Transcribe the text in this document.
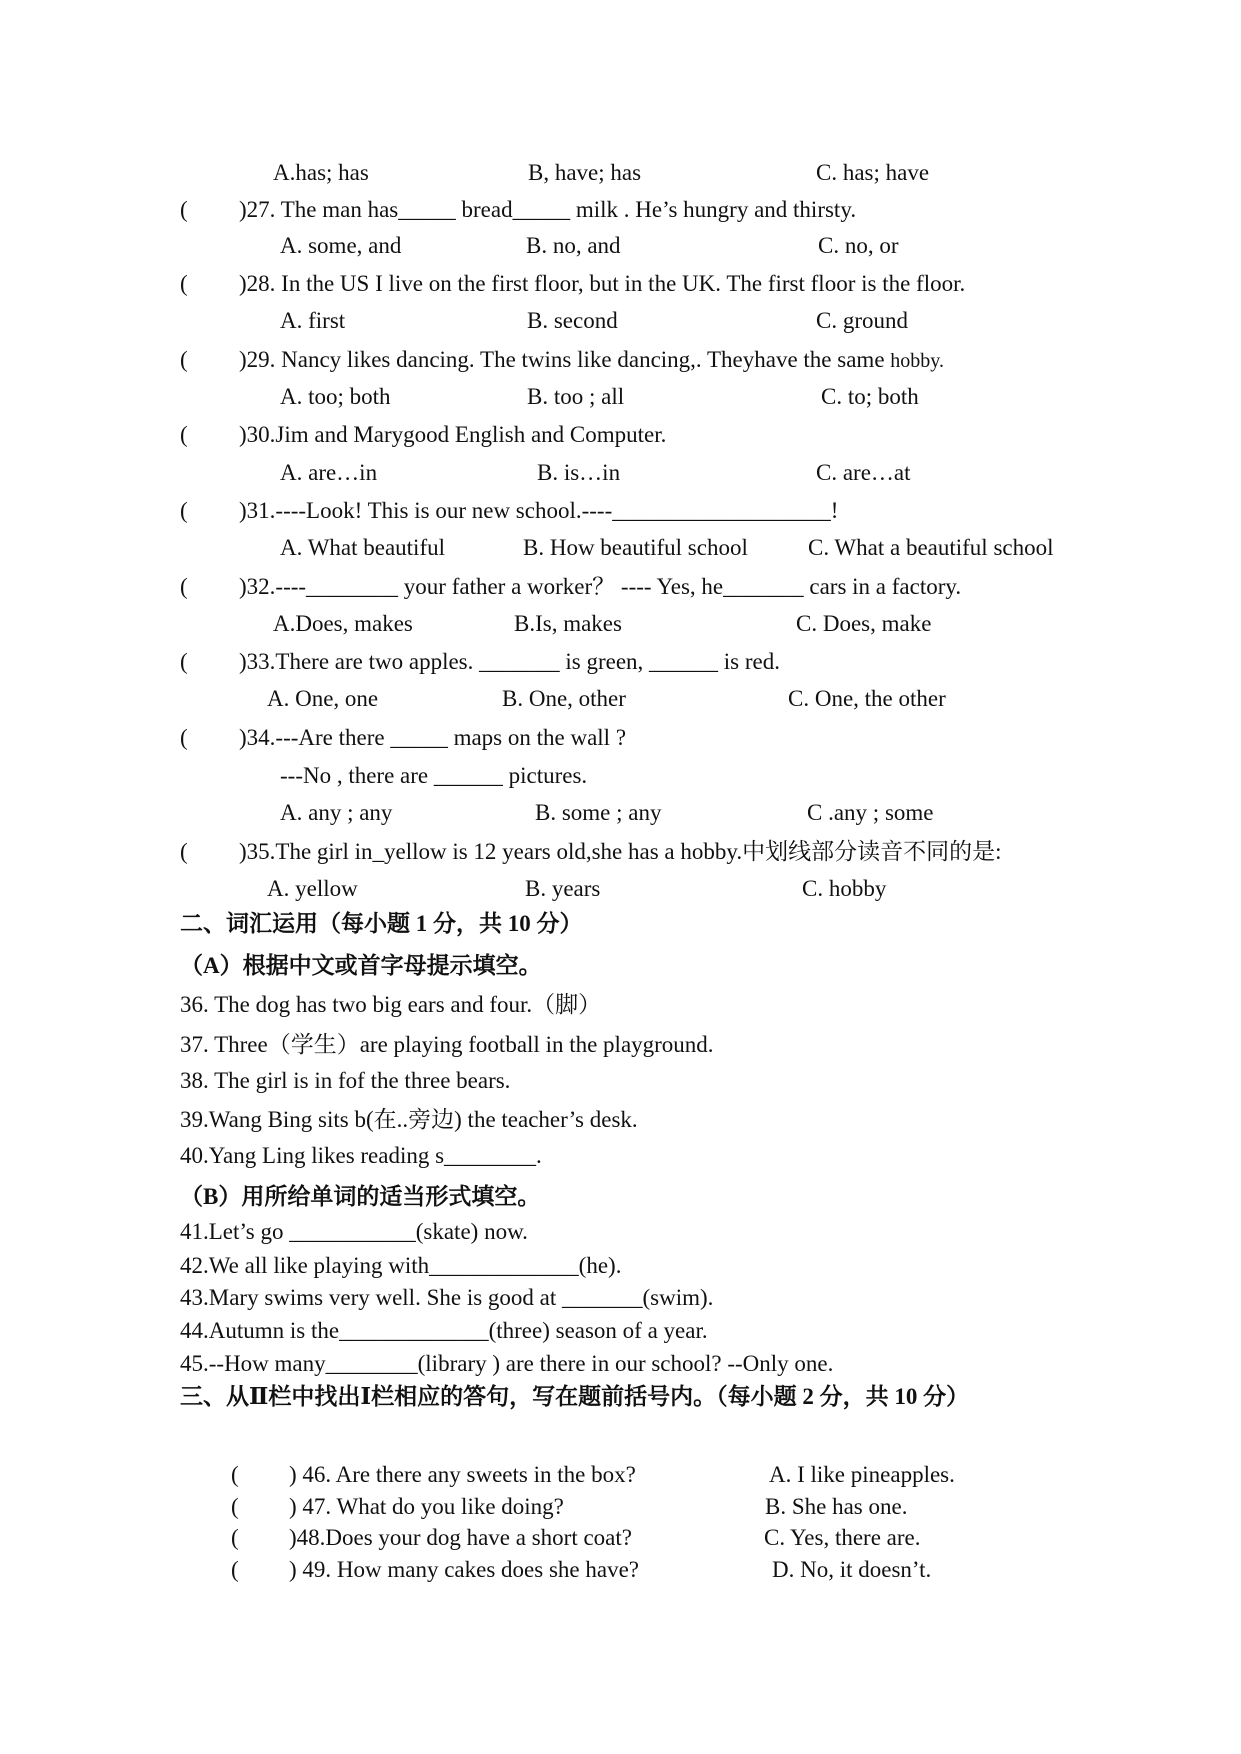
A.has; has	B, have; has	C. has; have
( )27. The man has_____ bread_____ milk . He’s hungry and thirsty.
A. some, and	B. no, and	C. no, or
( )28. In the US I live on the first floor, but in the UK. The first floor is the floor.
A. first	B. second	C. ground
( )29. Nancy likes dancing. The twins like dancing,. Theyhave the same hobby.
A. too; both	B. too ; all	C. to; both
( )30.Jim and Marygood English and Computer.
A. are…in	B. is…in	C. are…at
( )31.----Look! This is our new school.----___________________!
A. What beautiful	B. How beautiful school	C. What a beautiful school
( )32.----________ your father a worker？ ---- Yes, he_______ cars in a factory.
A.Does, makes	B.Is, makes	C. Does, make
( )33.There are two apples. _______ is green, ______ is red.
A. One, one	B. One, other	C. One, the other
( )34.---Are there _____ maps on the wall ?
---No , there are ______ pictures.
A. any ; any	B. some ; any	C .any ; some
( )35.The girl in_yellow is 12 years old,she has a hobby.中划线部分读音不同的是:
A. yellow	B. years	C. hobby
二、词汇运用（每小题 1 分，共 10 分）
（A）根据中文或首字母提示填空。
36. The dog has two big ears and four.（脚）
37. Three（学生）are playing football in the playground.
38. The girl is in fof the three bears.
39.Wang Bing sits b(在..旁边) the teacher’s desk.
40.Yang Ling likes reading s________.
（B）用所给单词的适当形式填空。
41.Let’s go ___________(skate) now.
42.We all like playing with_____________(he).
43.Mary swims very well. She is good at _______(swim).
44.Autumn is the_____________(three) season of a year.
45.--How many________(library ) are there in our school? --Only one.
三、从Ⅱ栏中找出Ⅰ栏相应的答句，写在题前括号内。（每小题 2 分，共 10 分）
( ) 46. Are there any sweets in the box?	A. I like pineapples.
( ) 47. What do you like doing?	B. She has one.
( )48.Does your dog have a short coat?	C. Yes, there are.
( ) 49. How many cakes does she have?	D. No, it doesn’t.
